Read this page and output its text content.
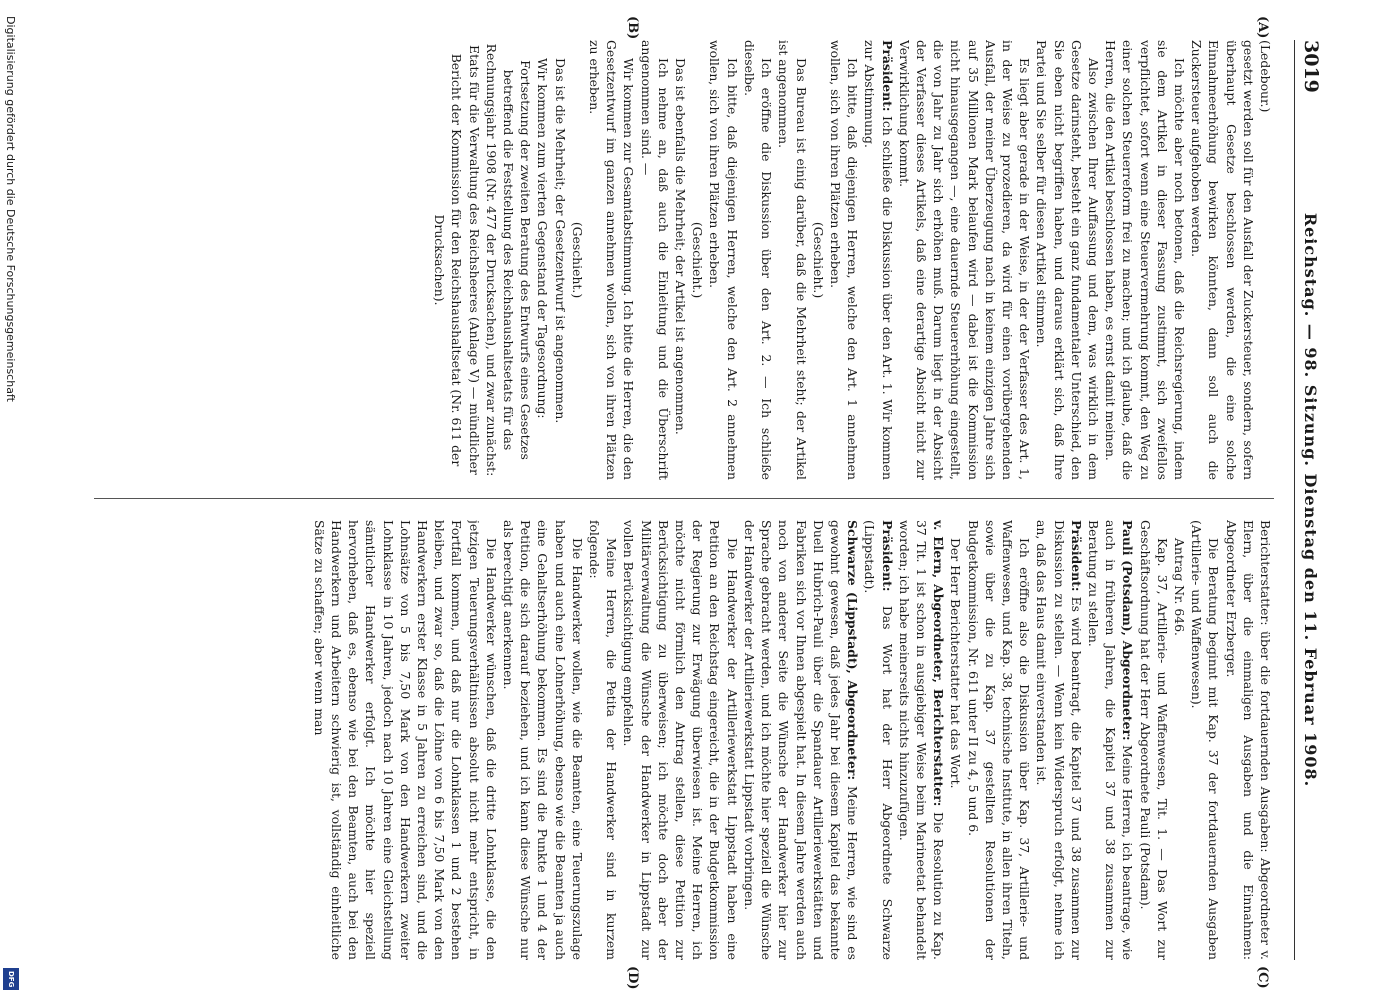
3019
Reichstag. — 98. Sitzung. Dienstag den 11. Februar 1908.
(A)
(B)
(C)
(D)

(Ledebour.)

gesetzt werden soll für den Ausfall der Zuckersteuer, sondern, sofern überhaupt Gesetze beschlossen werden, die eine solche Einnahmeerhöhung bewirken könnten, dann soll auch die Zuckersteuer aufgehoben werden.

Ich möchte aber noch betonen, daß die Reichsregierung, indem sie dem Artikel in dieser Fassung zustimmt, sich zweifellos verpflichtet, sofort wenn eine Steuervermehrung kommt, den Weg zu einer solchen Steuerreform frei zu machen; und ich glaube, daß die Herren, die den Artikel beschlossen haben, es ernst damit meinen.

Also zwischen Ihrer Auffassung und dem, was wirklich in dem Gesetze darinsteht, besteht ein ganz fundamentaler Unterschied, den Sie eben nicht begriffen haben, und daraus erklärt sich, daß Ihre Partei und Sie selber für diesen Artikel stimmen.

Es liegt aber gerade in der Weise, in der der Verfasser des Art. 1, in der Weise zu prozedieren, da wird für einen vorübergehenden Ausfall, der meiner Überzeugung nach in keinem einzigen Jahre sich auf 35 Millionen Mark belaufen wird — dabei ist die Kommission nicht hinausgegangen —, eine dauernde Steuererhöhung eingestellt, die von Jahr zu Jahr sich erhöhen muß. Darum liegt in der Absicht der Verfasser dieses Artikels, daß eine derartige Absicht nicht zur Verwirklichung kommt.

Präsident: Ich schließe die Diskussion über den Art. 1. Wir kommen zur Abstimmung.

Ich bitte, daß diejenigen Herren, welche den Art. 1 annehmen wollen, sich von ihren Plätzen erheben.

(Geschieht.)

Das Bureau ist einig darüber, daß die Mehrheit steht; der Artikel ist angenommen.

Ich eröffne die Diskussion über den Art. 2. — Ich schließe dieselbe.

Ich bitte, daß diejenigen Herren, welche den Art. 2 annehmen wollen, sich von ihren Plätzen erheben.

(Geschieht.)

Das ist ebenfalls die Mehrheit; der Artikel ist angenommen.

Ich nehme an, daß auch die Einleitung und die Überschrift angenommen sind. —

Wir kommen zur Gesamtabstimmung. Ich bitte die Herren, die den Gesetzentwurf im ganzen annehmen wollen, sich von ihren Plätzen zu erheben.

(Geschieht.)

Das ist die Mehrheit; der Gesetzentwurf ist angenommen.

Wir kommen zum vierten Gegenstand der Tagesordnung:

Fortsetzung der zweiten Beratung des Entwurfs eines Gesetzes betreffend die Feststellung des Reichshaushaltsetats für das Rechnungsjahr 1908 (Nr. 477 der Drucksachen), und zwar zunächst:

Etats für die Verwaltung des Reichsheeres (Anlage V) — mündlicher Bericht der Kommission für den Reichshaushaltsetat (Nr. 611 der Drucksachen).

Berichterstatter: über die fortdauernden Ausgaben: Abgeordneter v. Elern, über die einmaligen Ausgaben und die Einnahmen: Abgeordneter Erzberger.

Die Beratung beginnt mit Kap. 37 der fortdauernden Ausgaben (Artillerie- und Waffenwesen).

Antrag Nr. 646.

Kap. 37, Artillerie- und Waffenwesen, Tit. 1. — Das Wort zur Geschäftsordnung hat der Herr Abgeordnete Pauli (Potsdam).

Pauli (Potsdam), Abgeordneter: Meine Herren, ich beantrage, wie auch in früheren Jahren, die Kapitel 37 und 38 zusammen zur Beratung zu stellen.

Präsident: Es wird beantragt, die Kapitel 37 und 38 zusammen zur Diskussion zu stellen. — Wenn kein Widerspruch erfolgt, nehme ich an, daß das Haus damit einverstanden ist.

Ich eröffne also die Diskussion über Kap. 37, Artillerie- und Waffenwesen, und Kap. 38, technische Institute, in allen ihren Titeln, sowie über die zu Kap. 37 gestellten Resolutionen der Budgetkommission, Nr. 611 unter II zu 4, 5 und 6.

Der Herr Berichterstatter hat das Wort.

v. Elern, Abgeordneter, Berichterstatter: Die Resolution zu Kap. 37 Tit. 1 ist schon in ausgiebiger Weise beim Marineetat behandelt worden; ich habe meinerseits nichts hinzuzufügen.

Präsident: Das Wort hat der Herr Abgeordnete Schwarze (Lippstadt).

Schwarze (Lippstadt), Abgeordneter: Meine Herren, wie sind es gewohnt gewesen, daß jedes Jahr bei diesem Kapitel das bekannte Duell Hubrich-Pauli über die Spandauer Artilleriewerkstätten und Fabriken sich vor Ihnen abgespielt hat. In diesem Jahre werden auch noch von anderer Seite die Wünsche der Handwerker hier zur Sprache gebracht werden, und ich möchte hier speziell die Wünsche der Handwerker der Artilleriewerkstatt Lippstadt vorbringen.

Die Handwerker der Artilleriewerkstatt Lippstadt haben eine Petition an den Reichstag eingereicht, die in der Budgetkommission der Regierung zur Erwägung überwiesen ist. Meine Herren, ich möchte nicht förmlich den Antrag stellen, diese Petition zur Berücksichtigung zu überweisen; ich möchte doch aber der Militärverwaltung die Wünsche der Handwerker in Lippstadt zur vollen Berücksichtigung empfehlen.

Meine Herren, die Petita der Handwerker sind in kurzem folgende:

Die Handwerker wollen, wie die Beamten, eine Teuerungszulage haben und auch eine Lohnerhöhung, ebenso wie die Beamten ja auch eine Gehaltserhöhung bekommen. Es sind die Punkte 1 und 4 der Petition, die sich darauf beziehen, und ich kann diese Wünsche nur als berechtigt anerkennen.

Die Handwerker wünschen, daß die dritte Lohnklasse, die den jetzigen Teuerungsverhältnissen absolut nicht mehr entspricht, in Fortfall kommen, und daß nur die Lohnklassen 1 und 2 bestehen bleiben, und zwar so, daß die Löhne von 6 bis 7,50 Mark von den Handwerkern erster Klasse in 5 Jahren zu erreichen sind, und die Lohnsätze von 5 bis 7,50 Mark von den Handwerkern zweiter Lohnklasse in 10 Jahren, jedoch nach 10 Jahren eine Gleichstellung sämtlicher Handwerker erfolgt. Ich möchte hier speziell hervorheben, daß es, ebenso wie bei den Beamten, auch bei den Handwerkern und Arbeitern schwierig ist, vollständig einheitliche Sätze zu schaffen; aber wenn man

Digitalisierung gefördert durch die Deutsche Forschungsgemeinschaft
DFG
